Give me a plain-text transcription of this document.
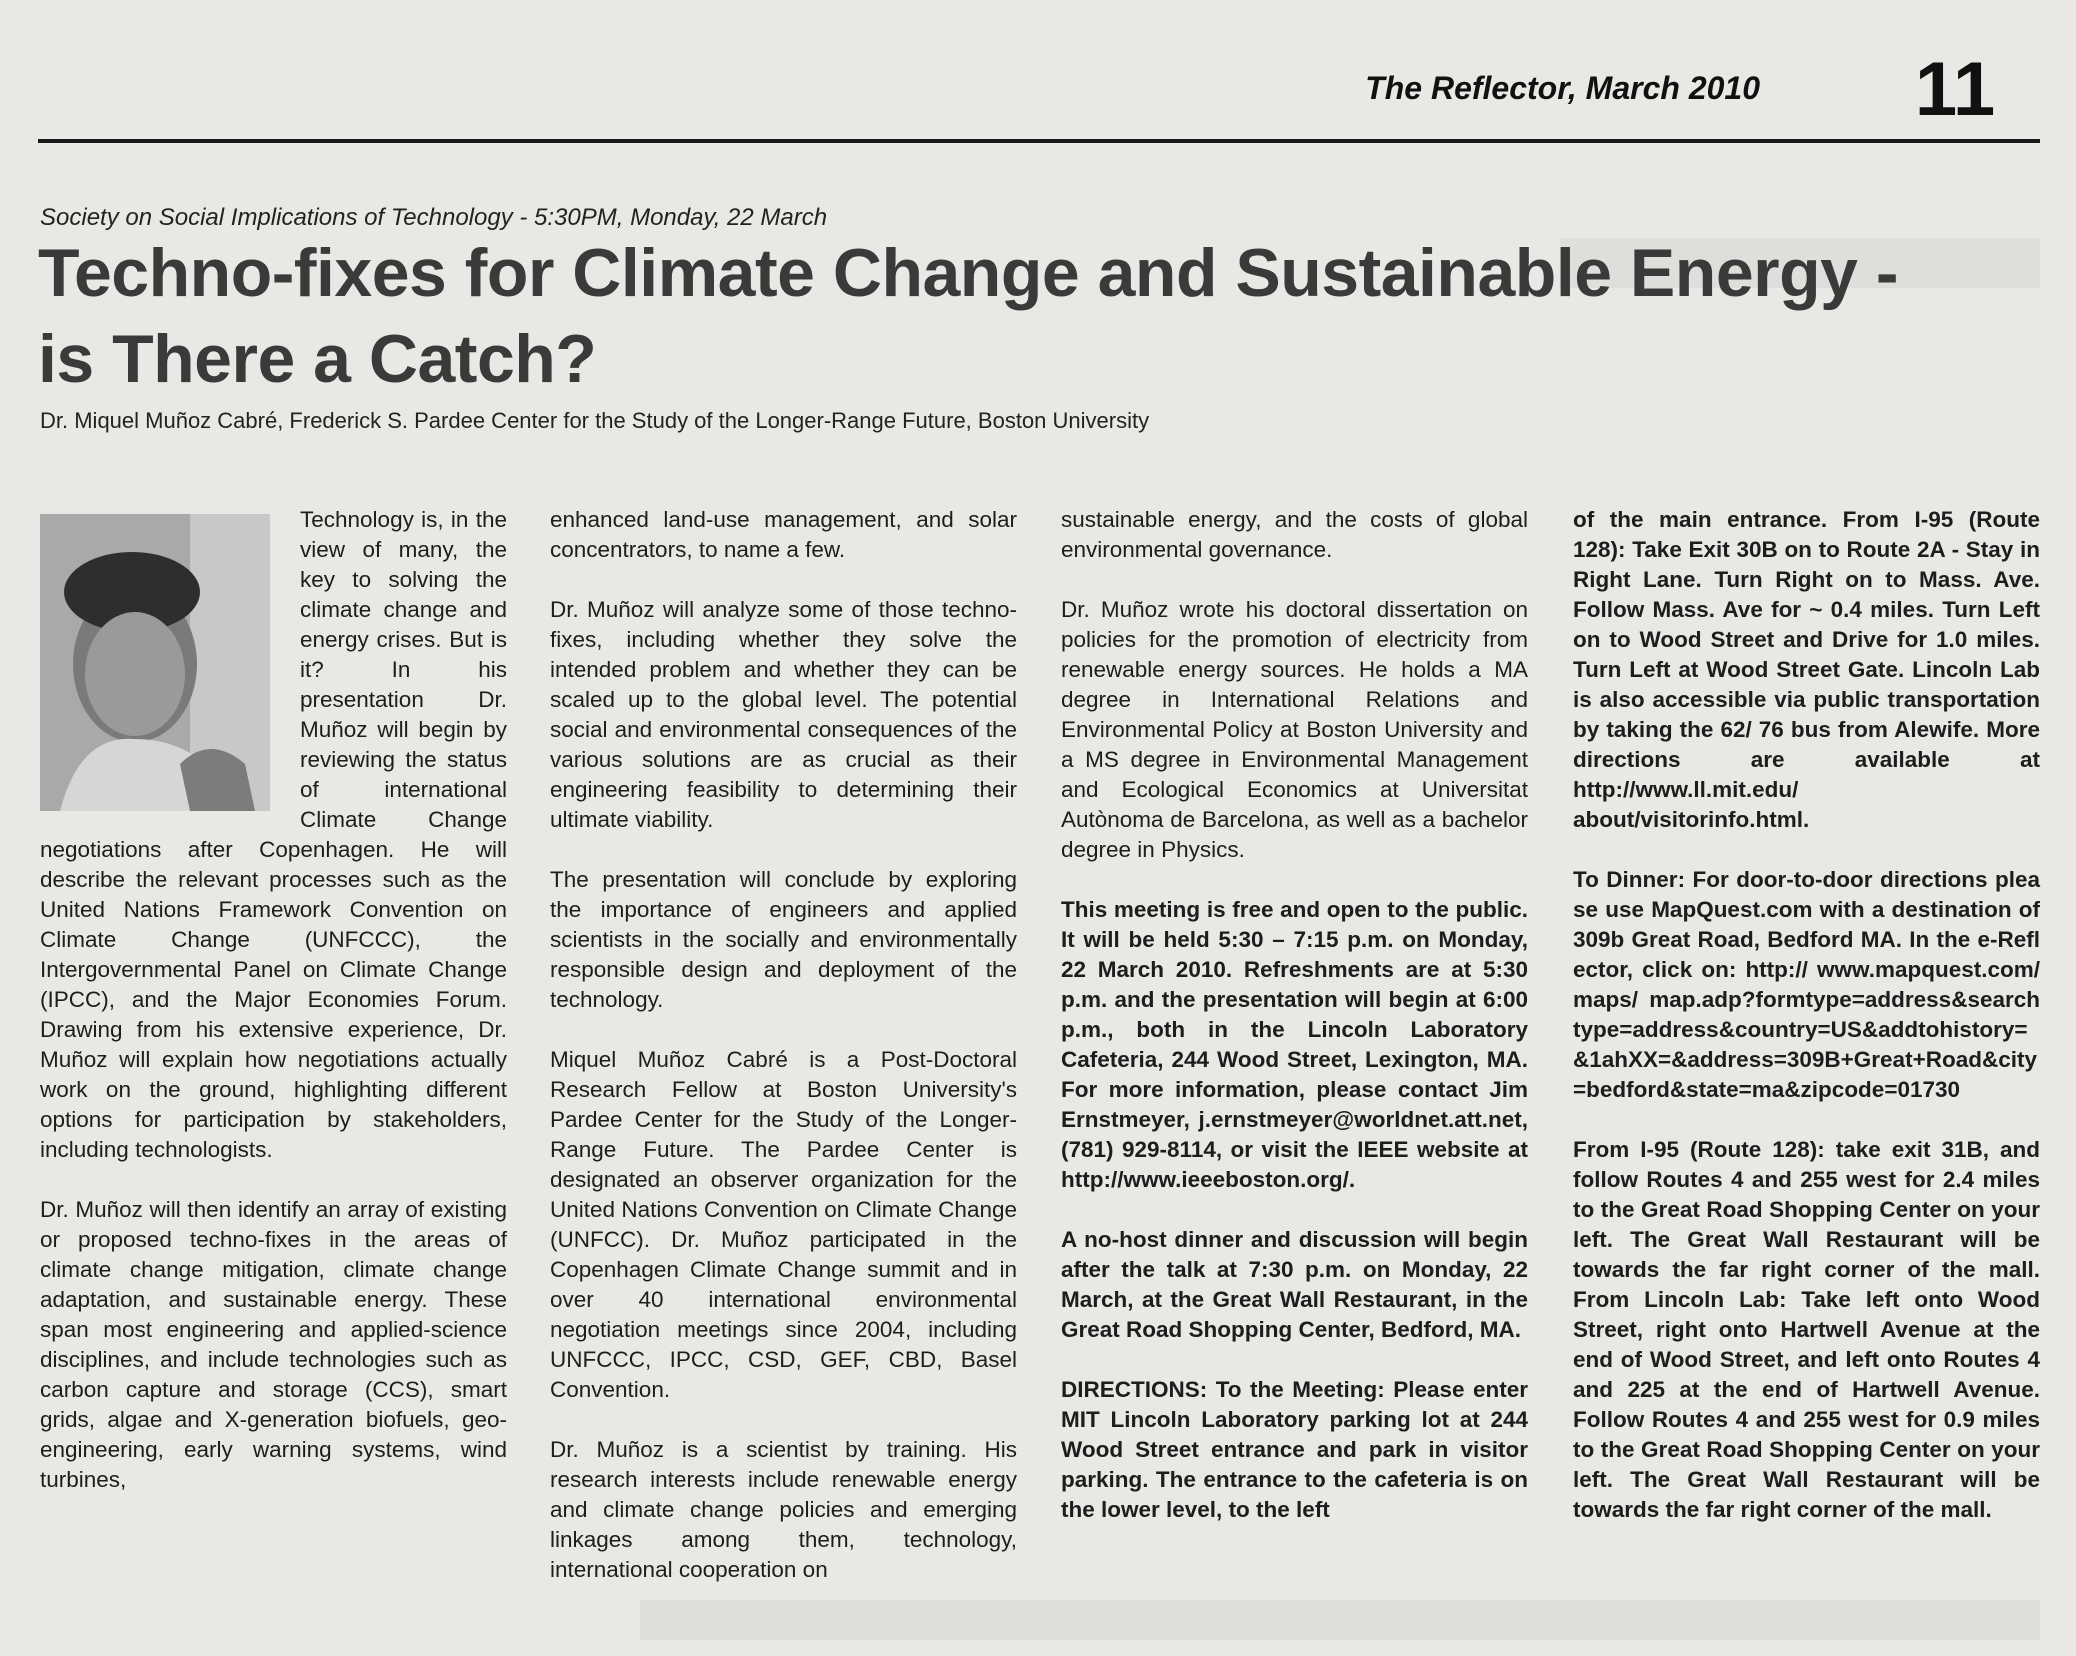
The Reflector, March 2010 11
Society on Social Implications of Technology - 5:30PM, Monday, 22 March
Techno-fixes for Climate Change and Sustainable Energy -
is There a Catch?
Dr. Miquel Muñoz Cabré, Frederick S. Pardee Center for the Study of the Longer-Range Future, Boston University

Technology is, in the view of many, the key to solving the climate change and energy crises. But is it? In his presentation Dr. Muñoz will begin by reviewing the status of international Climate Change negotiations after Copenhagen. He will describe the relevant processes such as the United Nations Framework Convention on Climate Change (UNFCCC), the Intergovernmental Panel on Climate Change (IPCC), and the Major Economies Forum. Drawing from his extensive experience, Dr. Muñoz will explain how negotiations actually work on the ground, highlighting different options for participation by stakeholders, including technologists.

Dr. Muñoz will then identify an array of existing or proposed techno-fixes in the areas of climate change mitigation, climate change adaptation, and sustainable energy. These span most engineering and applied-science disciplines, and include technologies such as carbon capture and storage (CCS), smart grids, algae and X-generation biofuels, geo-engineering, early warning systems, wind turbines,

enhanced land-use management, and solar concentrators, to name a few.

Dr. Muñoz will analyze some of those techno-fixes, including whether they solve the intended problem and whether they can be scaled up to the global level. The potential social and environmental consequences of the various solutions are as crucial as their engineering feasibility to determining their ultimate viability.

The presentation will conclude by exploring the importance of engineers and applied scientists in the socially and environmentally responsible design and deployment of the technology.

Miquel Muñoz Cabré is a Post-Doctoral Research Fellow at Boston University's Pardee Center for the Study of the Longer-Range Future. The Pardee Center is designated an observer organization for the United Nations Convention on Climate Change (UNFCC). Dr. Muñoz participated in the Copenhagen Climate Change summit and in over 40 international environmental negotiation meetings since 2004, including UNFCCC, IPCC, CSD, GEF, CBD, Basel Convention.

Dr. Muñoz is a scientist by training. His research interests include renewable energy and climate change policies and emerging linkages among them, technology, international cooperation on

sustainable energy, and the costs of global environmental governance.

Dr. Muñoz wrote his doctoral dissertation on policies for the promotion of electricity from renewable energy sources. He holds a MA degree in International Relations and Environmental Policy at Boston University and a MS degree in Environmental Management and Ecological Economics at Universitat Autònoma de Barcelona, as well as a bachelor degree in Physics.

This meeting is free and open to the public. It will be held 5:30 – 7:15 p.m. on Monday, 22 March 2010. Refreshments are at 5:30 p.m. and the presentation will begin at 6:00 p.m., both in the Lincoln Laboratory Cafeteria, 244 Wood Street, Lexington, MA. For more information, please contact Jim Ernstmeyer, j.ernstmeyer@worldnet.att.net, (781) 929-8114, or visit the IEEE website at http://www.ieeeboston.org/.

A no-host dinner and discussion will begin after the talk at 7:30 p.m. on Monday, 22 March, at the Great Wall Restaurant, in the Great Road Shopping Center, Bedford, MA.

DIRECTIONS: To the Meeting: Please enter MIT Lincoln Laboratory parking lot at 244 Wood Street entrance and park in visitor parking. The entrance to the cafeteria is on the lower level, to the left

of the main entrance. From I-95 (Route 128): Take Exit 30B on to Route 2A - Stay in Right Lane. Turn Right on to Mass. Ave. Follow Mass. Ave for ~ 0.4 miles. Turn Left on to Wood Street and Drive for 1.0 miles. Turn Left at Wood Street Gate. Lincoln Lab is also accessible via public transportation by taking the 62/ 76 bus from Alewife. More directions are available at http://www.ll.mit.edu/ about/visitorinfo.html.

To Dinner: For door-to-door directions please use MapQuest.com with a destination of 309b Great Road, Bedford MA. In the e-Reflector, click on: http:// www.mapquest.com/maps/ map.adp?formtype=address&searchtype=address&country=US&addtohistory=&1ahXX=&address=309B+Great+Road&city=bedford&state=ma&zipcode=01730

From I-95 (Route 128): take exit 31B, and follow Routes 4 and 255 west for 2.4 miles to the Great Road Shopping Center on your left. The Great Wall Restaurant will be towards the far right corner of the mall. From Lincoln Lab: Take left onto Wood Street, right onto Hartwell Avenue at the end of Wood Street, and left onto Routes 4 and 225 at the end of Hartwell Avenue. Follow Routes 4 and 255 west for 0.9 miles to the Great Road Shopping Center on your left. The Great Wall Restaurant will be towards the far right corner of the mall.
